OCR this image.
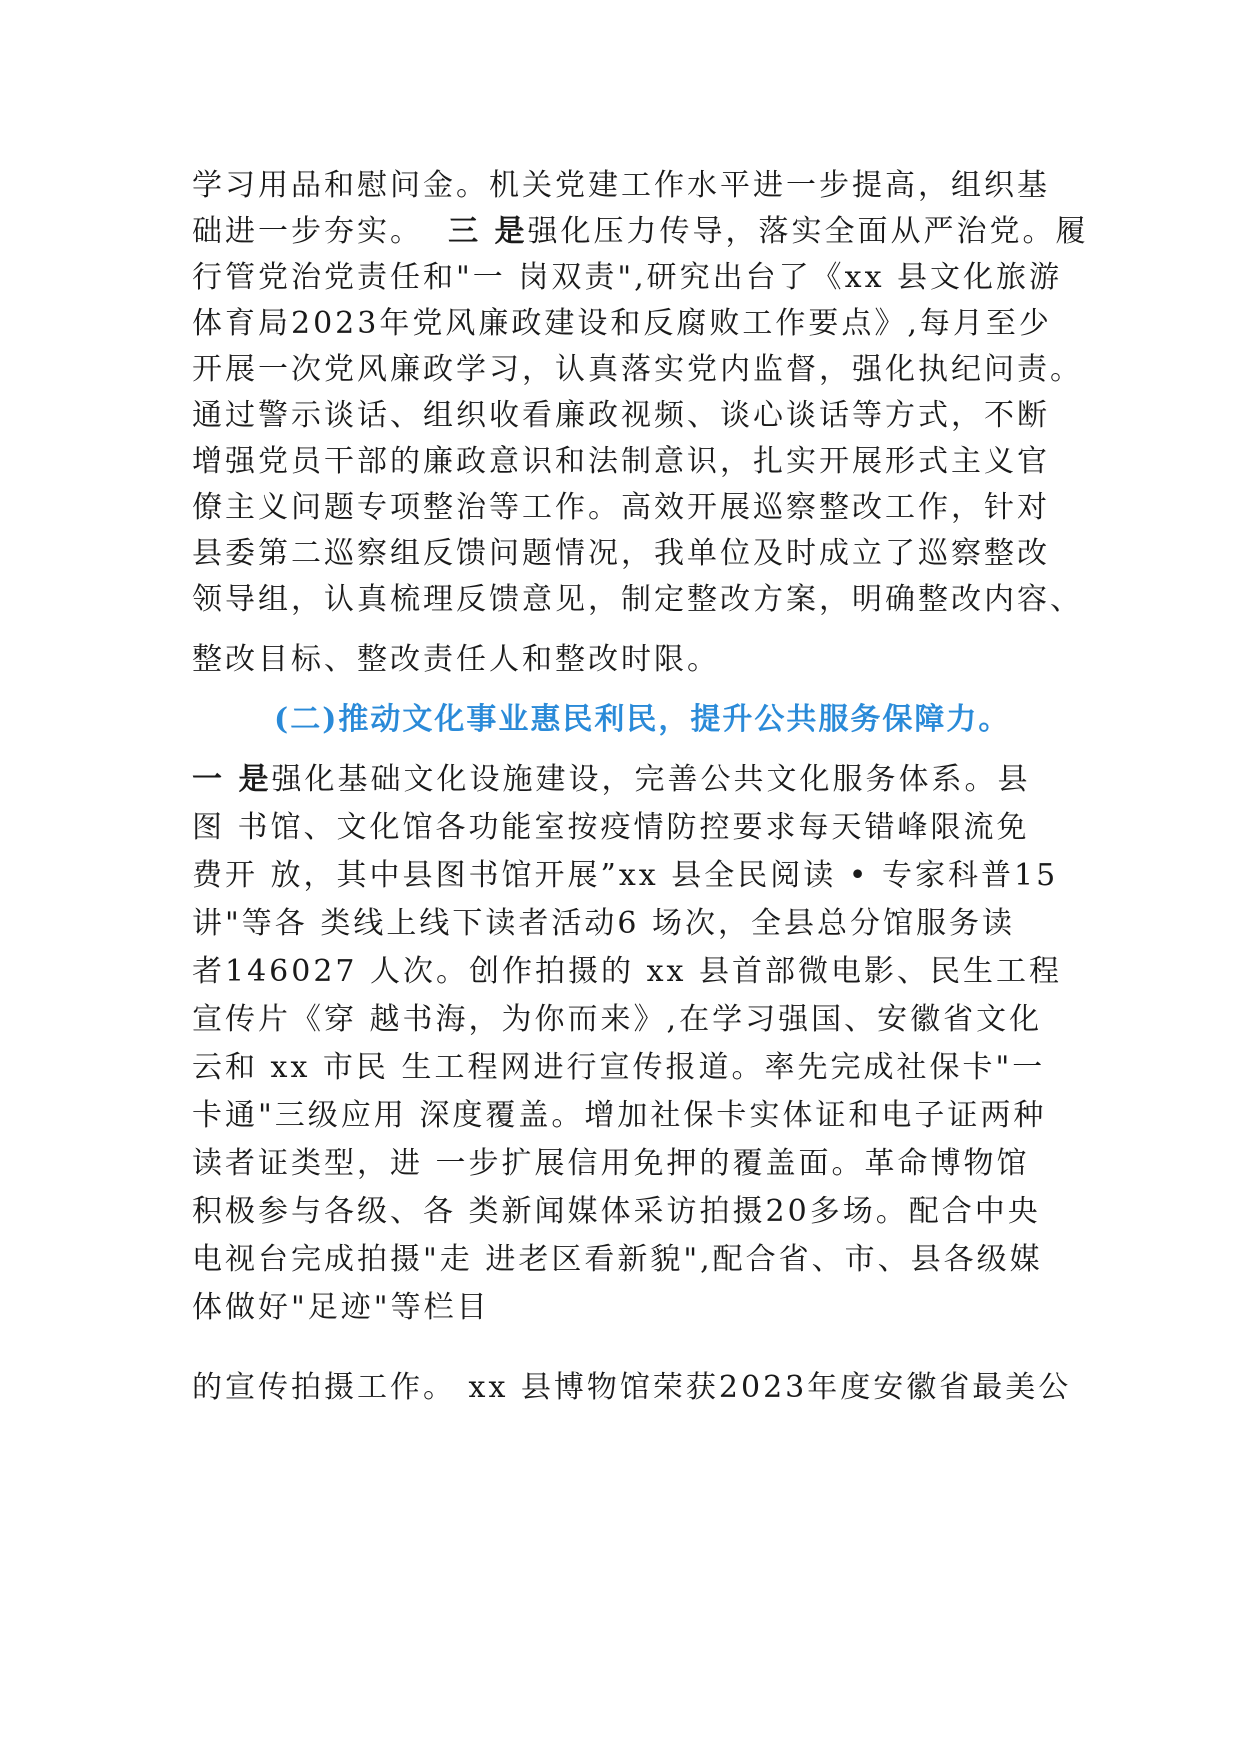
学习用品和慰问金。机关党建工作水平进一步提高，组织基
础进一步夯实。 三 是强化压力传导，落实全面从严治党。履
行管党治党责任和"一 岗双责",研究出台了《xx 县文化旅游
体育局2023年党风廉政建设和反腐败工作要点》,每月至少
开展一次党风廉政学习，认真落实党内监督，强化执纪问责。
通过警示谈话、组织收看廉政视频、谈心谈话等方式，不断
增强党员干部的廉政意识和法制意识，扎实开展形式主义官
僚主义问题专项整治等工作。高效开展巡察整改工作，针对
县委第二巡察组反馈问题情况，我单位及时成立了巡察整改
领导组，认真梳理反馈意见，制定整改方案，明确整改内容、
整改目标、整改责任人和整改时限。
(二)推动文化事业惠民利民，提升公共服务保障力。
一 是强化基础文化设施建设，完善公共文化服务体系。县
图 书馆、文化馆各功能室按疫情防控要求每天错峰限流免
费开 放，其中县图书馆开展”xx 县全民阅读 • 专家科普15
讲"等各 类线上线下读者活动6 场次，全县总分馆服务读
者146027 人次。创作拍摄的 xx 县首部微电影、民生工程
宣传片《穿 越书海，为你而来》,在学习强国、安徽省文化
云和 xx 市民 生工程网进行宣传报道。率先完成社保卡"一
卡通"三级应用 深度覆盖。增加社保卡实体证和电子证两种
读者证类型，进 一步扩展信用免押的覆盖面。革命博物馆
积极参与各级、各 类新闻媒体采访拍摄20多场。配合中央
电视台完成拍摄"走 进老区看新貌",配合省、市、县各级媒
体做好"足迹"等栏目
的宣传拍摄工作。 xx 县博物馆荣获2023年度安徽省最美公
